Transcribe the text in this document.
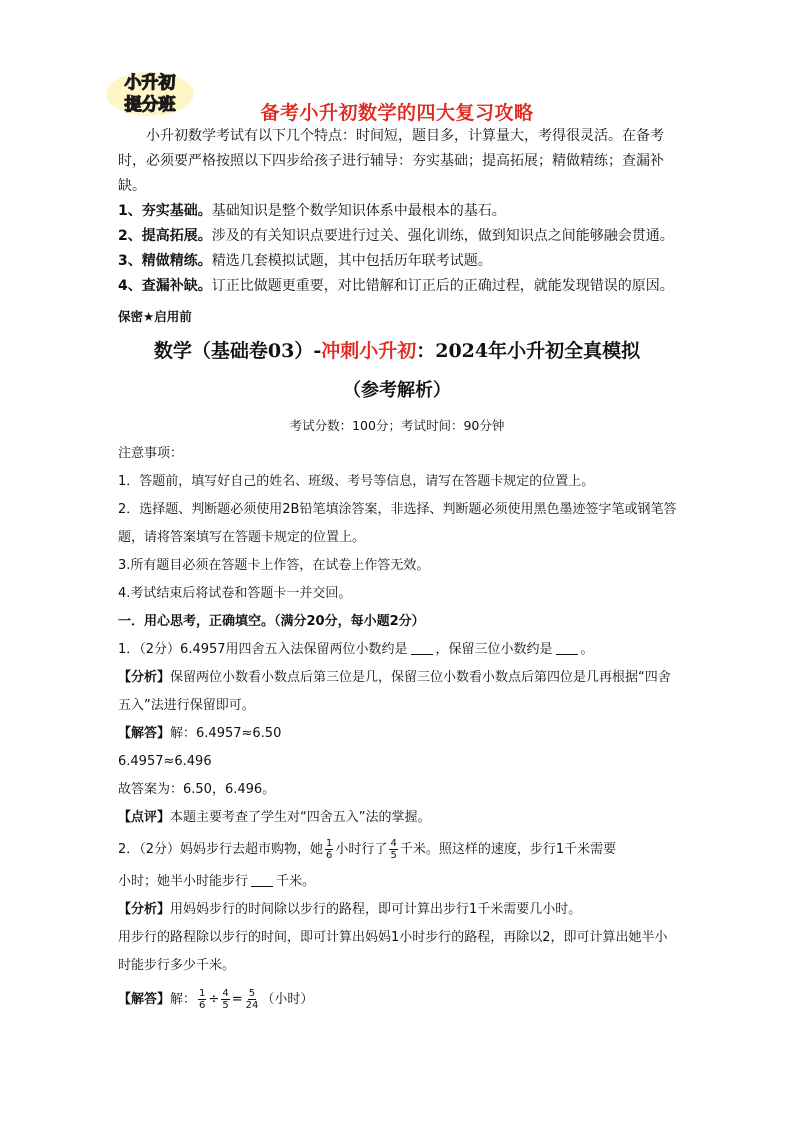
小升初
提分班	备考小升初数学的四大复习攻略

小升初数学考试有以下几个特点：时间短，题目多，计算量大，考得很灵活。在备考时，必须要严格按照以下四步给孩子进行辅导：夯实基础；提高拓展；精做精练；查漏补缺。

1、夯实基础。基础知识是整个数学知识体系中最根本的基石。

2、提高拓展。涉及的有关知识点要进行过关、强化训练，做到知识点之间能够融会贯通。

3、精做精练。精选几套模拟试题，其中包括历年联考试题。

4、查漏补缺。订正比做题更重要，对比错解和订正后的正确过程，就能发现错误的原因。

保密★启用前
数学（基础卷03）-冲刺小升初：2024年小升初全真模拟
（参考解析）
考试分数：100分；考试时间：90分钟

注意事项：

1．答题前，填写好自己的姓名、班级、考号等信息，请写在答题卡规定的位置上。

2．选择题、判断题必须使用2B铅笔填涂答案，非选择、判断题必须使用黑色墨迹签字笔或钢笔答题，请将答案填写在答题卡规定的位置上。

3.所有题目必须在答题卡上作答，在试卷上作答无效。

4.考试结束后将试卷和答题卡一并交回。

一．用心思考，正确填空。（满分20分，每小题2分）

1．（2分）6.4957用四舍五入法保留两位小数约是 ，保留三位小数约是 。

【分析】保留两位小数看小数点后第三位是几，保留三位小数看小数点后第四位是几再根据“四舍五入”法进行保留即可。

【解答】解：6.4957≈6.50

6.4957≈6.496

故答案为：6.50，6.496。

【点评】本题主要考查了学生对“四舍五入”法的掌握。

2．（2分）妈妈步行去超市购物，她 $\frac{1}{6}$ 小时行了 $\frac{4}{5}$ 千米。照这样的速度，步行1千米需要

小时；她半小时能步行 千米。

【分析】用妈妈步行的时间除以步行的路程，即可计算出步行1千米需要几小时。

用步行的路程除以步行的时间，即可计算出妈妈1小时步行的路程，再除以2，即可计算出她半小时能步行多少千米。

【解答】解： $\frac{1}{6} \div \frac{4}{5} = \frac{5}{24}$ （小时）
